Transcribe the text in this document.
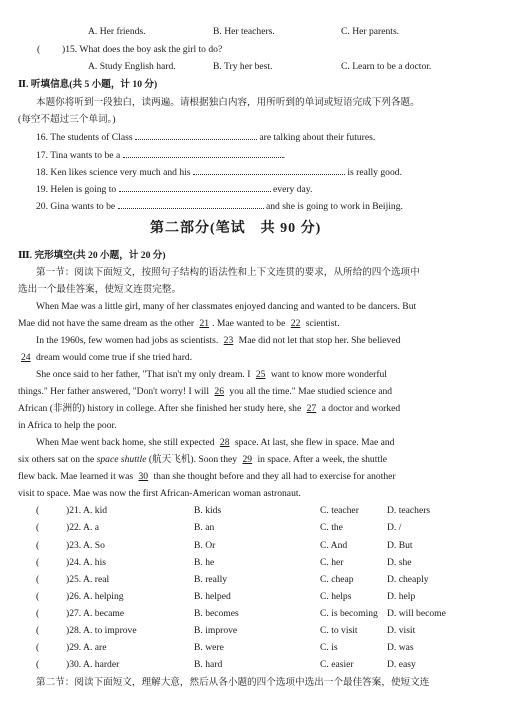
A. Her friends.	B. Her teachers.	C. Her parents.
( )15. What does the boy ask the girl to do?
A. Study English hard.	B. Try her best.	C. Learn to be a doctor.
Ⅱ. 听填信息(共 5 小题，计 10 分)
本题你将听到一段独白，读两遍。请根据独白内容，用所听到的单词或短语完成下列各题。
(每空不超过三个单词。)
16. The students of Class	are talking about their futures.
17. Tina wants to be a	.
18. Ken likes science very much and his	is really good.
19. Helen is going to	every day.
20. Gina wants to be	and she is going to work in Beijing.
第二部分(笔试　共 90 分)
Ⅲ. 完形填空(共 20 小题，计 20 分)
第一节：阅读下面短文，按照句子结构的语法性和上下文连贯的要求，从所给的四个选项中
选出一个最佳答案，使短文连贯完整。
When Mae was a little girl, many of her classmates enjoyed dancing and wanted to be dancers. But
Mae did not have the same dream as the other 21 . Mae wanted to be 22 scientist.
In the 1960s, few women had jobs as scientists. 23 Mae did not let that stop her. She believed
24 dream would come true if she tried hard.
She once said to her father, "That isn't my only dream. I 25 want to know more wonderful
things." Her father answered, "Don't worry! I will 26 you all the time." Mae studied science and
African (非洲的) history in college. After she finished her study here, she 27 a doctor and worked
in Africa to help the poor.
When Mae went back home, she still expected 28 space. At last, she flew in space. Mae and
six others sat on the space shuttle (航天飞机). Soon they 29 in space. After a week, the shuttle
flew back. Mae learned it was 30 than she thought before and they all had to exercise for another
visit to space. Mae was now the first African-American woman astronaut.
(	)21. A. kid	B. kids	C. teacher	D. teachers
(	)22. A. a	B. an	C. the	D. /
(	)23. A. So	B. Or	C. And	D. But
(	)24. A. his	B. he	C. her	D. she
(	)25. A. real	B. really	C. cheap	D. cheaply
(	)26. A. helping	B. helped	C. helps	D. help
(	)27. A. became	B. becomes	C. is becoming D. will become
(	)28. A. to improve	B. improve	C. to visit	D. visit
(	)29. A. are	B. were	C. is	D. was
(	)30. A. harder	B. hard	C. easier	D. easy
第二节：阅读下面短文，理解大意，然后从各小题的四个选项中选出一个最佳答案，使短文连
